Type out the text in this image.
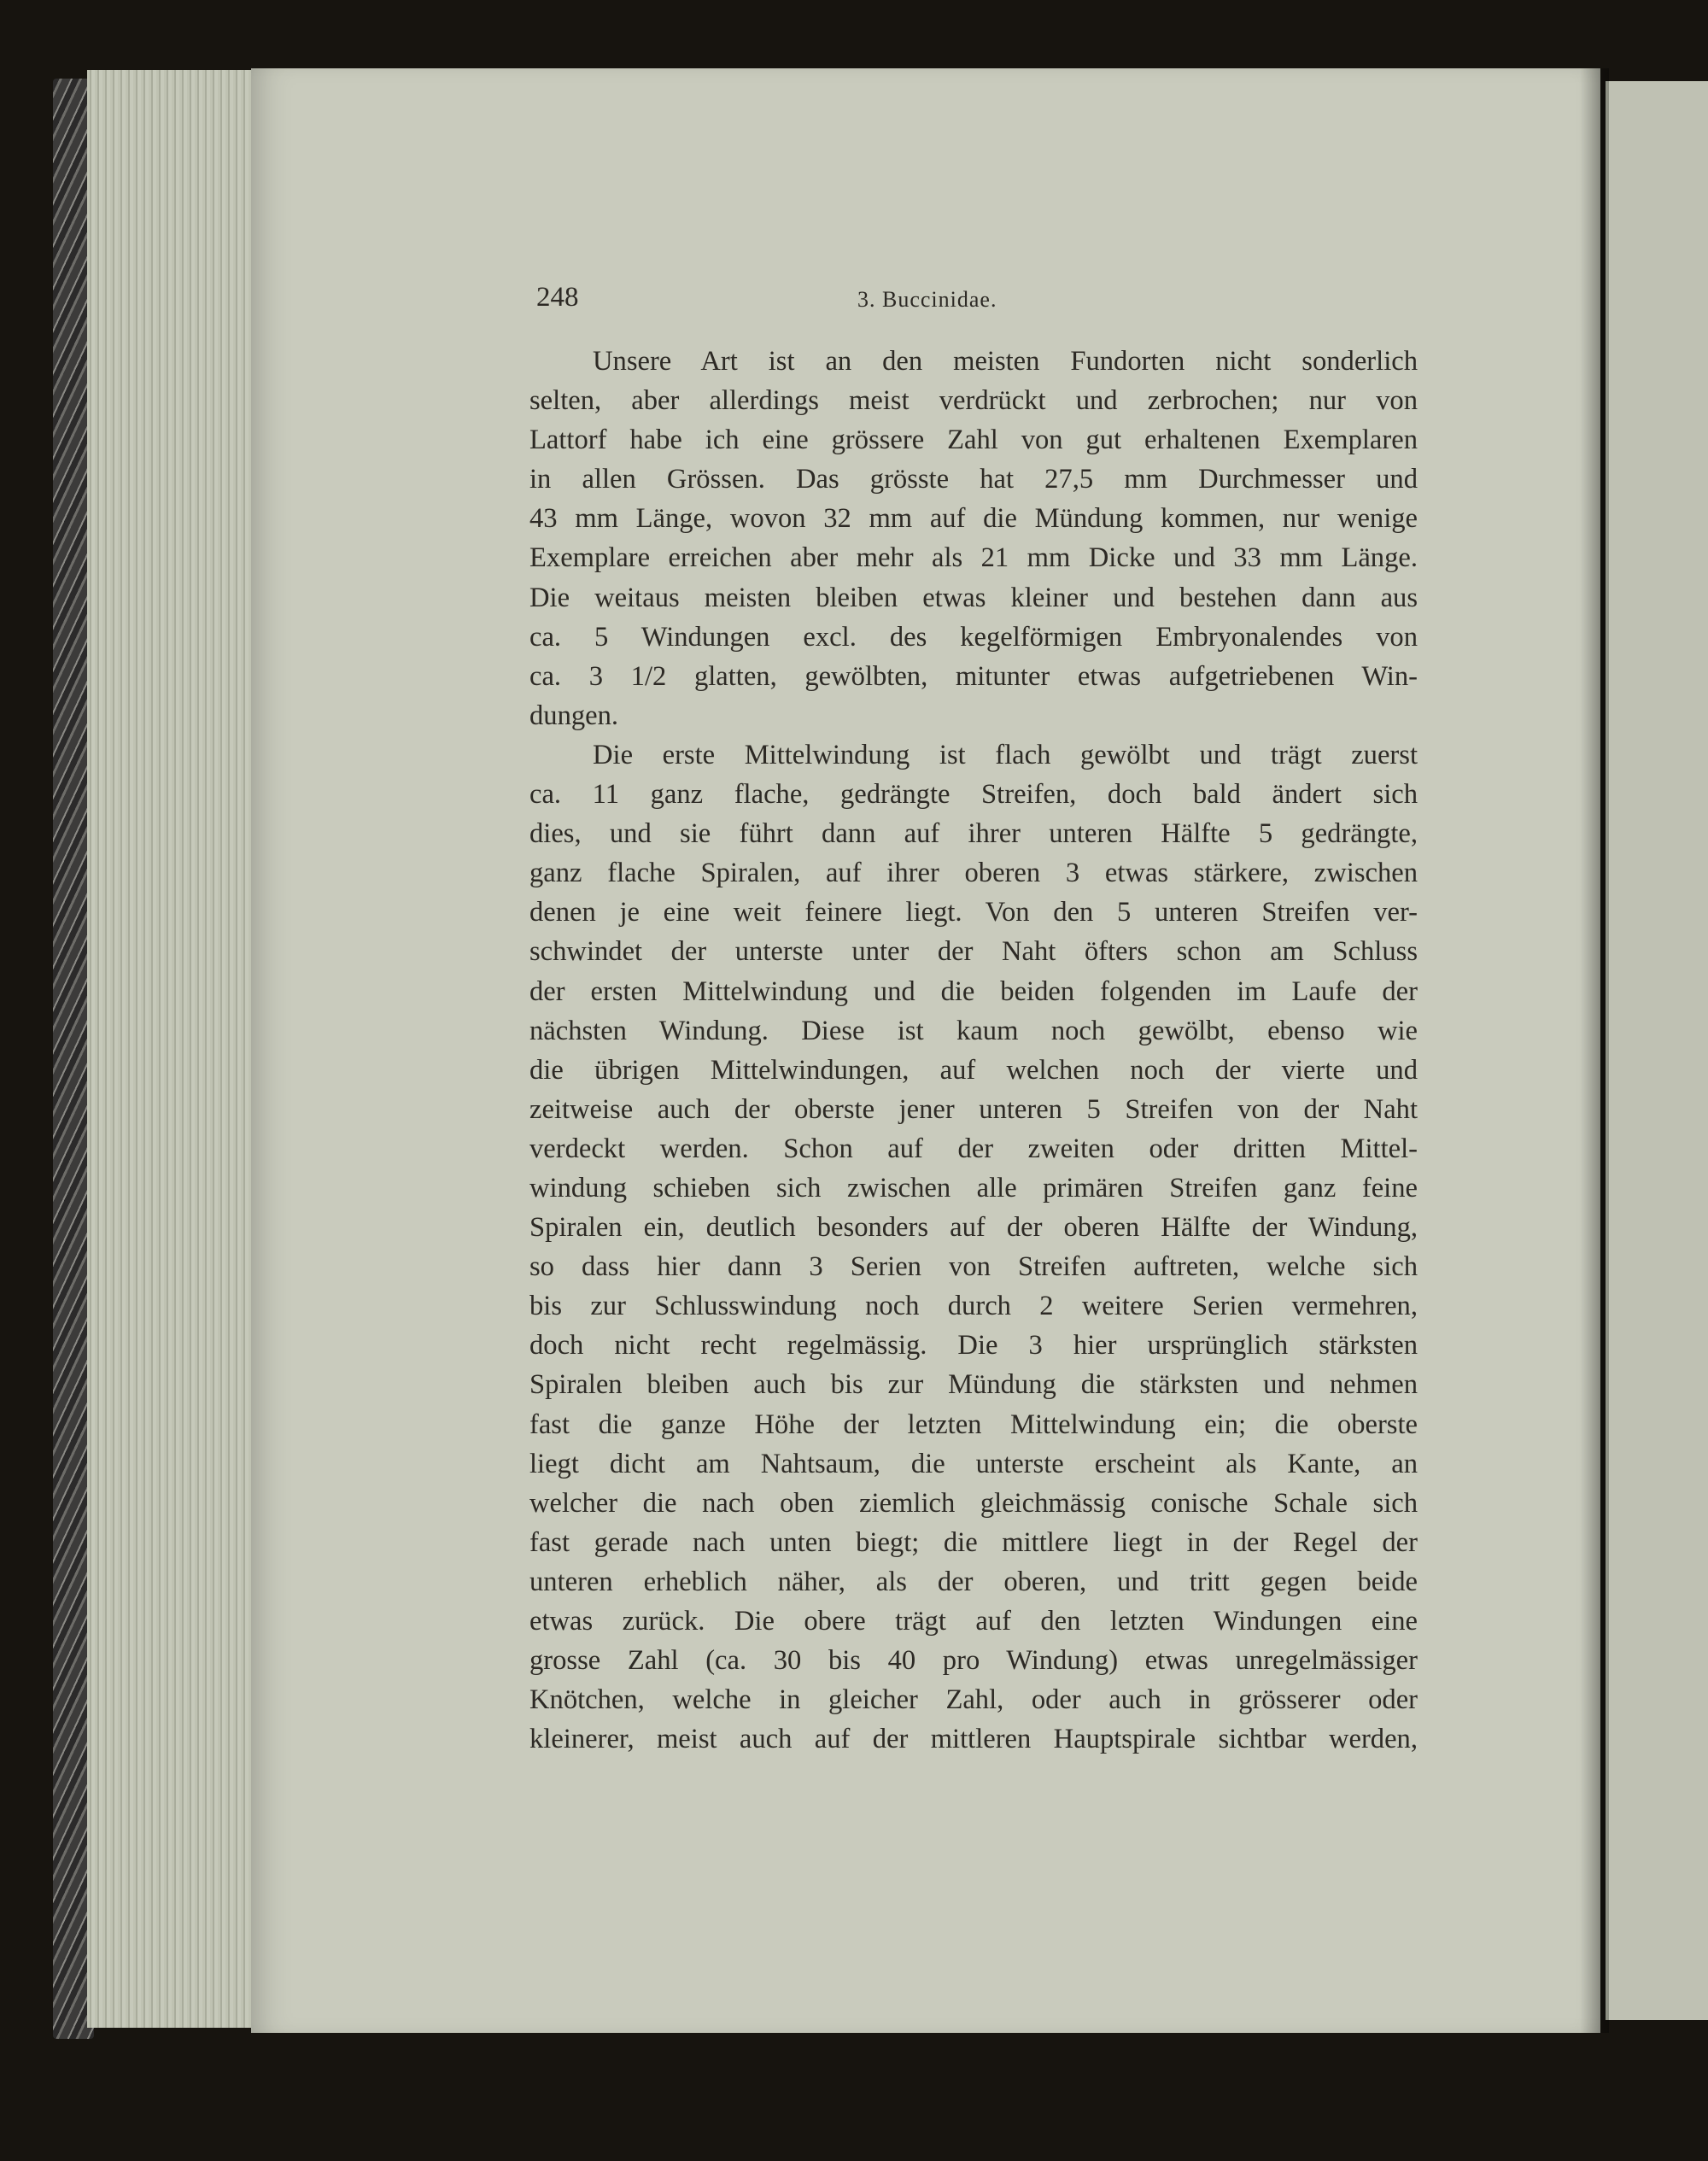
248	3. Buccinidae.
Unsere Art ist an den meisten Fundorten nicht sonderlich
selten, aber allerdings meist verdrückt und zerbrochen; nur von
Lattorf habe ich eine grössere Zahl von gut erhaltenen Exemplaren
in allen Grössen. Das grösste hat 27,5 mm Durchmesser und
43 mm Länge, wovon 32 mm auf die Mündung kommen, nur wenige
Exemplare erreichen aber mehr als 21 mm Dicke und 33 mm Länge.
Die weitaus meisten bleiben etwas kleiner und bestehen dann aus
ca. 5 Windungen excl. des kegelförmigen Embryonalendes von
ca. 3 1/2 glatten, gewölbten, mitunter etwas aufgetriebenen Win-
dungen.
Die erste Mittelwindung ist flach gewölbt und trägt zuerst
ca. 11 ganz flache, gedrängte Streifen, doch bald ändert sich
dies, und sie führt dann auf ihrer unteren Hälfte 5 gedrängte,
ganz flache Spiralen, auf ihrer oberen 3 etwas stärkere, zwischen
denen je eine weit feinere liegt. Von den 5 unteren Streifen ver-
schwindet der unterste unter der Naht öfters schon am Schluss
der ersten Mittelwindung und die beiden folgenden im Laufe der
nächsten Windung. Diese ist kaum noch gewölbt, ebenso wie
die übrigen Mittelwindungen, auf welchen noch der vierte und
zeitweise auch der oberste jener unteren 5 Streifen von der Naht
verdeckt werden. Schon auf der zweiten oder dritten Mittel-
windung schieben sich zwischen alle primären Streifen ganz feine
Spiralen ein, deutlich besonders auf der oberen Hälfte der Windung,
so dass hier dann 3 Serien von Streifen auftreten, welche sich
bis zur Schlusswindung noch durch 2 weitere Serien vermehren,
doch nicht recht regelmässig. Die 3 hier ursprünglich stärksten
Spiralen bleiben auch bis zur Mündung die stärksten und nehmen
fast die ganze Höhe der letzten Mittelwindung ein; die oberste
liegt dicht am Nahtsaum, die unterste erscheint als Kante, an
welcher die nach oben ziemlich gleichmässig conische Schale sich
fast gerade nach unten biegt; die mittlere liegt in der Regel der
unteren erheblich näher, als der oberen, und tritt gegen beide
etwas zurück. Die obere trägt auf den letzten Windungen eine
grosse Zahl (ca. 30 bis 40 pro Windung) etwas unregelmässiger
Knötchen, welche in gleicher Zahl, oder auch in grösserer oder
kleinerer, meist auch auf der mittleren Hauptspirale sichtbar werden,
